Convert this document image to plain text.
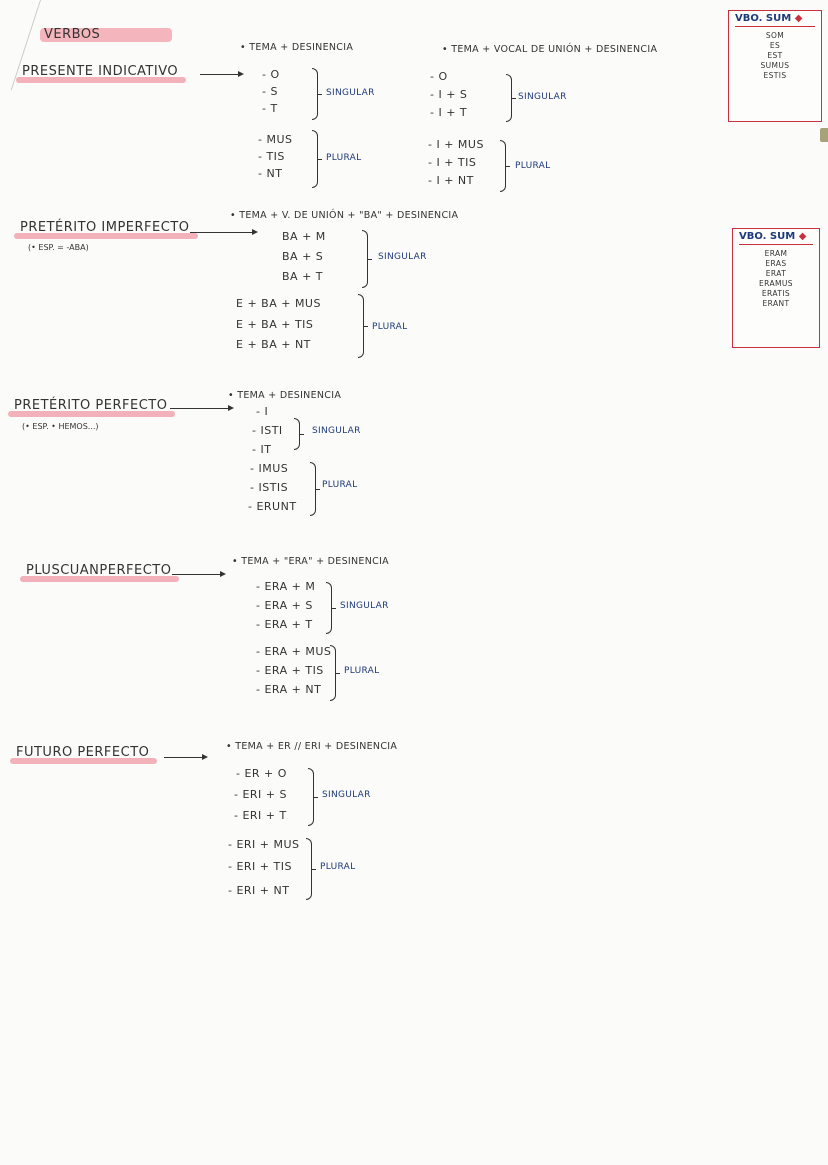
VERBOS
PRESENTE INDICATIVO
• TEMA + DESINENCIA	• TEMA + VOCAL DE UNIÓN + DESINENCIA
- O
- S
- T
SINGULAR
- MUS
- TIS
- NT
PLURAL
- O
- I + S
- I + T
SINGULAR
- I + MUS
- I + TIS
- I + NT
PLURAL
VBO. SUM ◆
SOM
ES
EST
SUMUS
ESTIS
PRETÉRITO IMPERFECTO
(• ESP. = -ABA)
• TEMA + V. DE UNIÓN + "BA" + DESINENCIA
BA + M
BA + S
BA + T
SINGULAR
E + BA + MUS
E + BA + TIS
E + BA + NT
PLURAL
VBO. SUM ◆
ERAM
ERAS
ERAT
ERAMUS
ERATIS
ERANT
PRETÉRITO PERFECTO
(• ESP. • HEMOS...)
• TEMA + DESINENCIA
- I
- ISTI
- IT
SINGULAR
- IMUS
- ISTIS
- ERUNT
PLURAL
PLUSCUANPERFECTO
• TEMA + "ERA" + DESINENCIA
- ERA + M
- ERA + S
- ERA + T
SINGULAR
- ERA + MUS
- ERA + TIS
- ERA + NT
PLURAL
FUTURO PERFECTO	• TEMA + ER // ERI + DESINENCIA
- ER + O
- ERI + S
- ERI + T
SINGULAR
- ERI + MUS
- ERI + TIS
- ERI + NT
PLURAL
